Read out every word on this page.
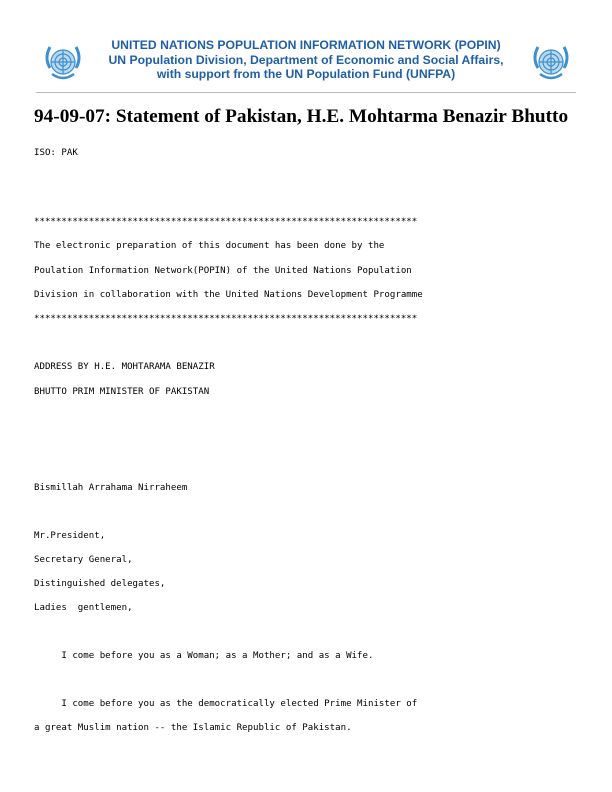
UNITED NATIONS POPULATION INFORMATION NETWORK (POPIN)
UN Population Division, Department of Economic and Social Affairs,
with support from the UN Population Fund (UNFPA)
94-09-07: Statement of Pakistan, H.E. Mohtarma Benazir Bhutto
ISO: PAK
**********************************************************************
The electronic preparation of this document has been done by the
Poulation Information Network(POPIN) of the United Nations Population
Division in collaboration with the United Nations Development Programme
**********************************************************************
ADDRESS BY H.E. MOHTARAMA BENAZIR
BHUTTO PRIM MINISTER OF PAKISTAN
Bismillah Arrahama Nirraheem
Mr.President,
Secretary General,
Distinguished delegates,
Ladies  gentlemen,
I come before you as a Woman; as a Mother; and as a Wife.
I come before you as the democratically elected Prime Minister of
a great Muslim nation -- the Islamic Republic of Pakistan.
